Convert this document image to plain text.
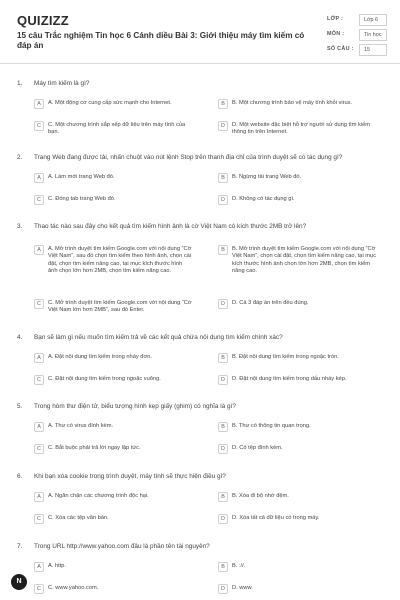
QUIZIZZ
15 câu Trắc nghiệm Tin học 6 Cánh diều Bài 3: Giới thiệu máy tìm kiếm có đáp án
LỚP :	Lớp 6
MÔN :	Tin học
SỐ CÂU :	15
1. Máy tìm kiếm là gì?
A	A. Một động cơ cung cấp sức mạnh cho Internet.	B	B. Một chương trình bảo vệ máy tính khỏi virus.
C	C. Một chương trình sắp xếp dữ liệu trên máy tính của bạn.
D	D. Một website đặc biệt hỗ trợ người sử dụng tìm kiếm thông tin trên Internet.
2. Trang Web đang được tải, nhấn chuột vào nút lệnh Stop trên thanh địa chỉ của trình duyệt sẽ có tác dụng gì?
A	A. Làm mới trang Web đó.	B	B. Ngừng tải trang Web đó.
C	C. Đóng tab trang Web đó.	D	D. Không có tác dụng gì.
3. Thao tác nào sau đây cho kết quả tìm kiếm hình ảnh là cờ Việt Nam có kích thước 2MB trở lên?
A	A. Mở trình duyệt tìm kiếm Google.com với nội dung “Cờ Việt Nam”, sau đó chọn tìm kiếm theo hình ảnh, chọn cài đặt, chọn tìm kiếm nâng cao, tại mục kích thước hình ảnh chọn lớn hơn 2MB, chọn tìm kiếm nâng cao.
B	B. Mở trình duyệt tìm kiếm Google.com với nội dung “Cờ Việt Nam”, chọn cài đặt, chọn tìm kiếm nâng cao, tại mục kích thước hình ảnh chọn lớn hơn 2MB, chọn tìm kiếm nâng cao.
C	C. Mở trình duyệt tìm kiếm Google.com với nội dung “Cờ Việt Nam lớn hơn 2MB”, sau đó Enter.
D	D. Cả 3 đáp án trên đều đúng.
4. Bạn sẽ làm gì nếu muốn tìm kiếm trả về các kết quả chứa nội dung tìm kiếm chính xác?
A	A. Đặt nội dung tìm kiếm trong nháy đơn.	B	B. Đặt nội dung tìm kiếm trong ngoặc tròn.
C	C. Đặt nội dung tìm kiếm trong ngoặc vuông.	D	D. Đặt nội dung tìm kiếm trong dấu nháy kép.
5. Trong hòm thư điện tử, biểu tượng hình kẹp giấy (ghim) có nghĩa là gì?
A	A. Thư có virus đính kèm.	B	B. Thư có thông tin quan trọng.
C	C. Bắt buộc phải trả lời ngay lập tức.	D	D. Có tệp đính kèm.
6. Khi bạn xóa cookie trong trình duyệt, máy tính sẽ thực hiện điều gì?
A	A. Ngăn chặn các chương trình độc hại.	B	B. Xóa đi bộ nhớ đệm.
C	C. Xóa các tệp văn bản.	D	D. Xóa tất cả dữ liệu có trong máy.
7. Trong URL http://www.yahoo.com đâu là phần tên tài nguyên?
A	A. http.	B	B. ://.
C	C. www.yahoo.com.	D	D. www.
N
